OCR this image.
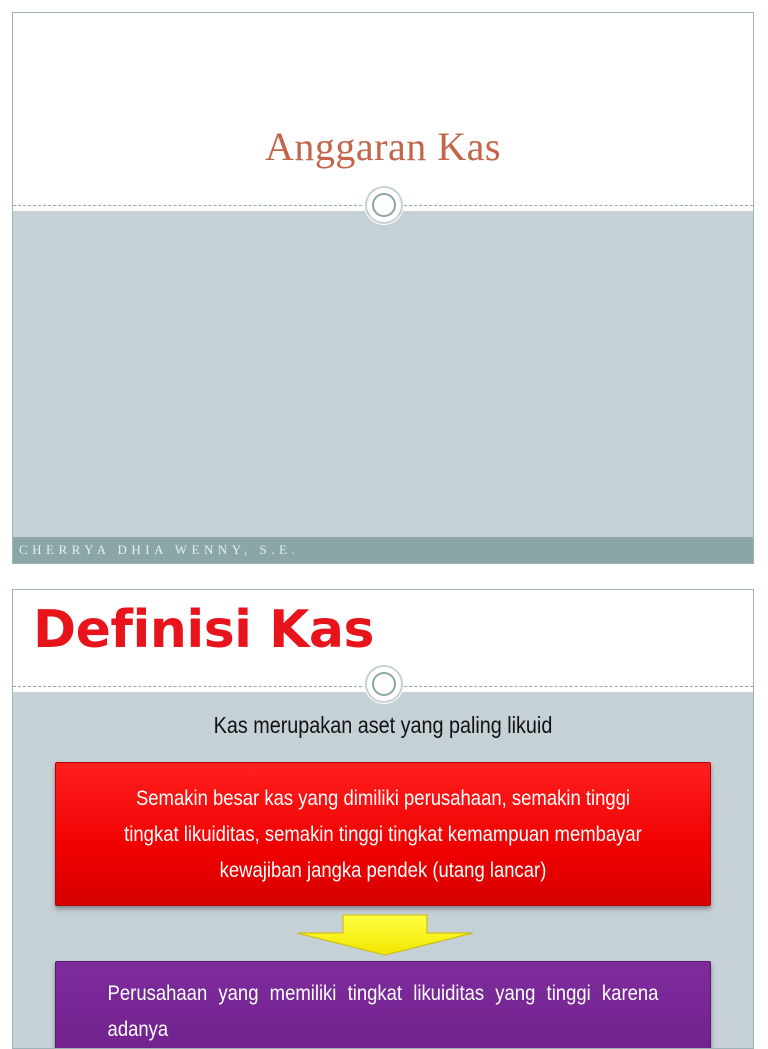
Anggaran Kas
CHERRYA DHIA WENNY, S.E.
Definisi Kas
Kas merupakan aset yang paling likuid
Semakin besar kas yang dimiliki perusahaan, semakin tinggi tingkat likuiditas, semakin tinggi tingkat kemampuan membayar kewajiban jangka pendek (utang lancar)
Perusahaan yang memiliki tingkat likuiditas yang tinggi karena adanya
